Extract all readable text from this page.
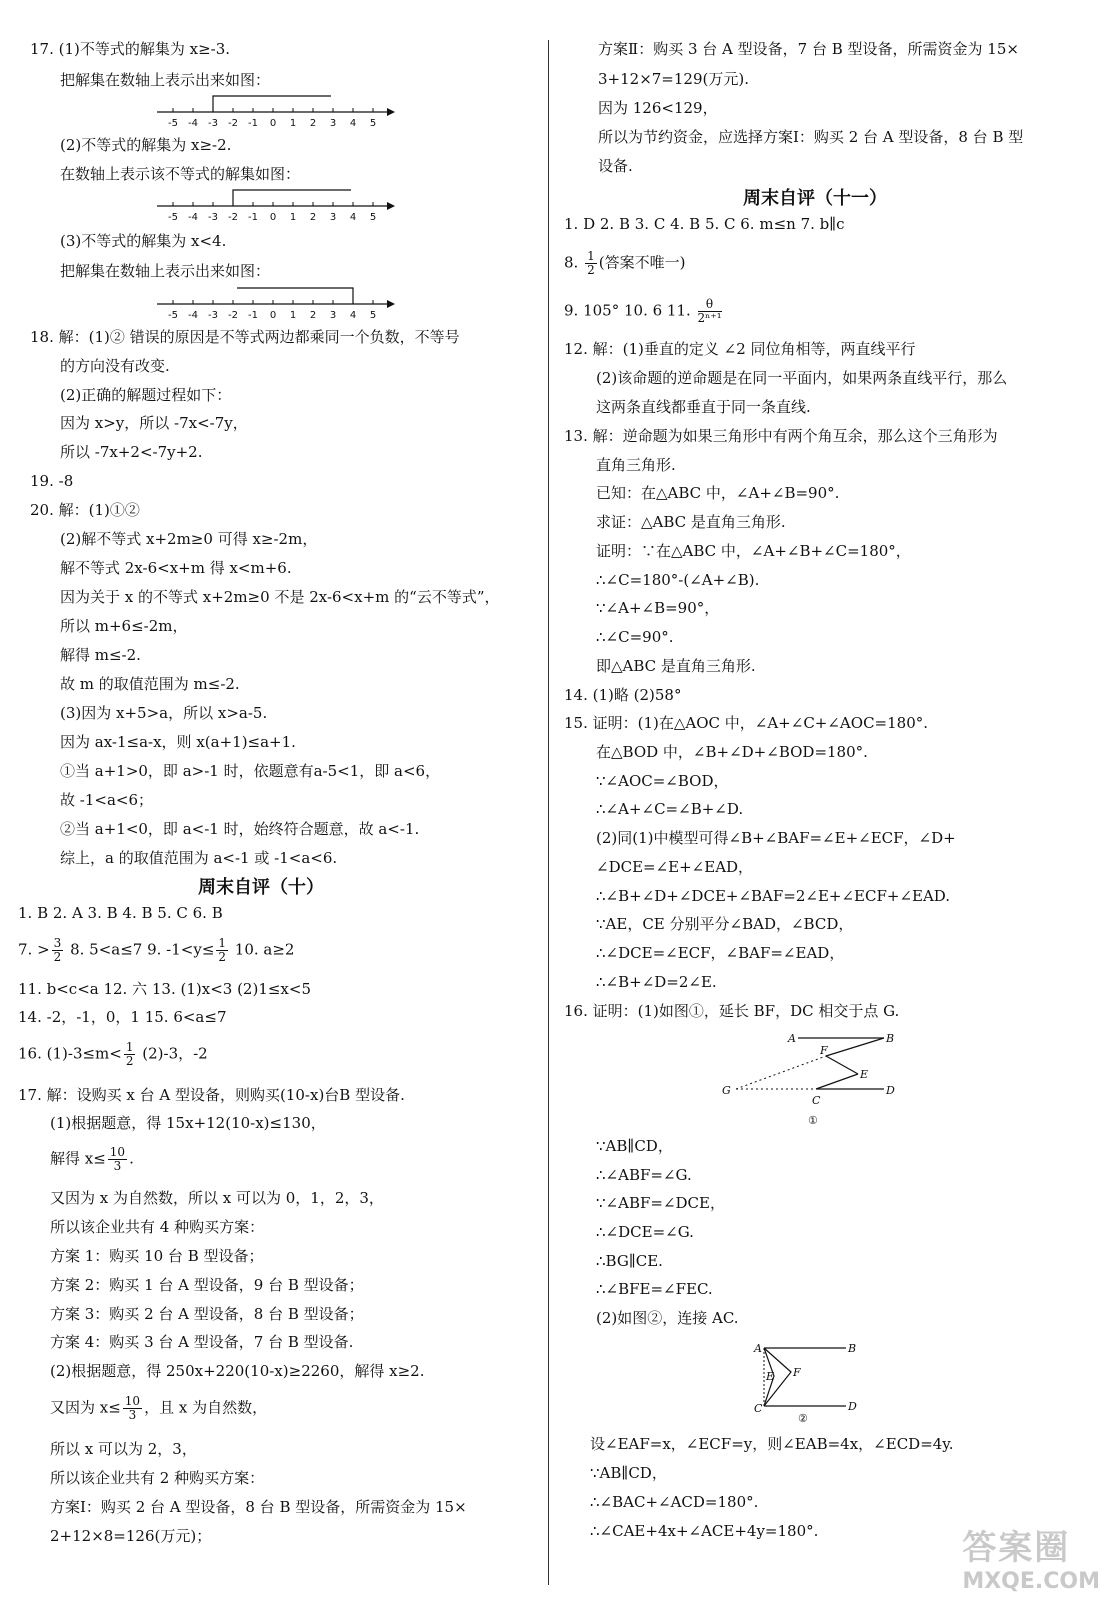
17. (1)不等式的解集为 x≥-3.
把解集在数轴上表示出来如图：
-5 -4 -3 -2 -1 0 1 2 3 4 5
(2)不等式的解集为 x≥-2.
在数轴上表示该不等式的解集如图：
-5 -4 -3 -2 -1 0 1 2 3 4 5
(3)不等式的解集为 x<4.
把解集在数轴上表示出来如图：
-5 -4 -3 -2 -1 0 1 2 3 4 5
18. 解：(1)② 错误的原因是不等式两边都乘同一个负数，不等号
的方向没有改变.
(2)正确的解题过程如下：
因为 x>y，所以 -7x<-7y，
所以 -7x+2<-7y+2.
19. -8
20. 解：(1)①②
(2)解不等式 x+2m≥0 可得 x≥-2m，
解不等式 2x-6<x+m 得 x<m+6.
因为关于 x 的不等式 x+2m≥0 不是 2x-6<x+m 的“云不等式”，
所以 m+6≤-2m，
解得 m≤-2.
故 m 的取值范围为 m≤-2.
(3)因为 x+5>a，所以 x>a-5.
因为 ax-1≤a-x，则 x(a+1)≤a+1.
①当 a+1>0，即 a>-1 时，依题意有a-5<1，即 a<6，
故 -1<a<6；
②当 a+1<0，即 a<-1 时，始终符合题意，故 a<-1.
综上，a 的取值范围为 a<-1 或 -1<a<6.
周末自评（十）
1. B 2. A 3. B 4. B 5. C 6. B
7. > $\frac{3}{2} 8$. 5<a≤7 9. $-1<y\le \frac{1}{2} 10$. a≥2
11. b<c<a 12. 六 13. (1)x<3 (2)1≤x<5
14. -2，-1，0，1 15. 6<a≤7
16. $(1)-3\le m< \frac{1}{2} (2)-3$，-2
17. 解：设购买 x 台 A 型设备，则购买(10-x)台B 型设备.
(1)根据题意，得 15x+12(10-x)≤130，
解得 $x\le \frac{10}{3}$ .
又因为 x 为自然数，所以 x 可以为 0，1，2，3，
所以该企业共有 4 种购买方案：
方案 1：购买 10 台 B 型设备；
方案 2：购买 1 台 A 型设备，9 台 B 型设备；
方案 3：购买 2 台 A 型设备，8 台 B 型设备；
方案 4：购买 3 台 A 型设备，7 台 B 型设备.
(2)根据题意，得 250x+220(10-x)≥2260，解得 x≥2.
又因为 $x\le \frac{10}{3}$ ，且 x 为自然数，
所以 x 可以为 2，3，
所以该企业共有 2 种购买方案：
方案Ⅰ：购买 2 台 A 型设备，8 台 B 型设备，所需资金为 15×
2+12×8=126(万元)；
方案Ⅱ：购买 3 台 A 型设备，7 台 B 型设备，所需资金为 15×
3+12×7=129(万元).
因为 126<129，
所以为节约资金，应选择方案Ⅰ：购买 2 台 A 型设备，8 台 B 型
设备.
周末自评（十一）
1. D 2. B 3. C 4. B 5. C 6. m≤n 7. b∥c
8. $\frac{1}{2}$ (答案不唯一)
9. 105° 10. 6 11. $\frac{\theta}{\text{2ⁿ⁺¹}}$
12. 解：(1)垂直的定义 ∠2 同位角相等，两直线平行
(2)该命题的逆命题是在同一平面内，如果两条直线平行，那么
这两条直线都垂直于同一条直线.
13. 解：逆命题为如果三角形中有两个角互余，那么这个三角形为
直角三角形.
已知：在△ABC 中，∠A+∠B=90°.
求证：△ABC 是直角三角形.
证明：∵在△ABC 中，∠A+∠B+∠C=180°，
∴∠C=180°-(∠A+∠B).
∵∠A+∠B=90°，
∴∠C=90°.
即△ABC 是直角三角形.
14. (1)略 (2)58°
15. 证明：(1)在△AOC 中，∠A+∠C+∠AOC=180°.
在△BOD 中，∠B+∠D+∠BOD=180°.
∵∠AOC=∠BOD，
∴∠A+∠C=∠B+∠D.
(2)同(1)中模型可得∠B+∠BAF=∠E+∠ECF，∠D+
∠DCE=∠E+∠EAD，
∴∠B+∠D+∠DCE+∠BAF=2∠E+∠ECF+∠EAD.
∵AE，CE 分别平分∠BAD，∠BCD，
∴∠DCE=∠ECF，∠BAF=∠EAD，
∴∠B+∠D=2∠E.
16. 证明：(1)如图①，延长 BF，DC 相交于点 G.
A	B
F
E
G
C
D
①
∵AB∥CD，
∴∠ABF=∠G.
∵∠ABF=∠DCE，
∴∠DCE=∠G.
∴BG∥CE.
∴∠BFE=∠FEC.
(2)如图②，连接 AC.
A	B
E F
C	D
②
设∠EAF=x，∠ECF=y，则∠EAB=4x，∠ECD=4y.
∵AB∥CD，
∴∠BAC+∠ACD=180°.
∴∠CAE+4x+∠ACE+4y=180°.	答案圈
MXQE.COM
